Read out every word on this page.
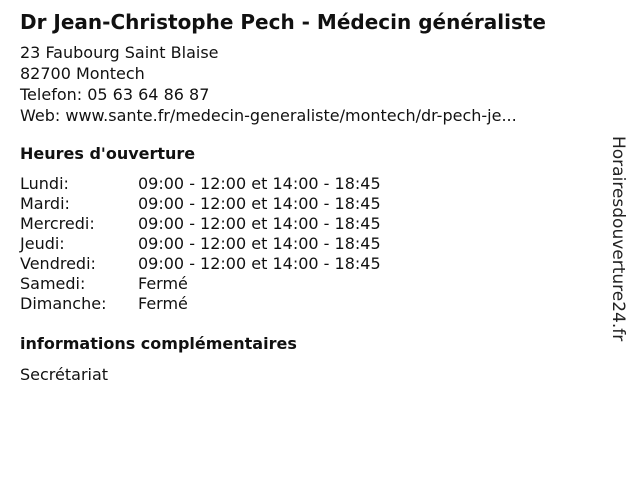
Dr Jean-Christophe Pech - Médecin généraliste
23 Faubourg Saint Blaise
82700 Montech
Telefon: 05 63 64 86 87
Web: www.sante.fr/medecin-generaliste/montech/dr-pech-je...
Heures d'ouverture
Lundi:	09:00 - 12:00 et 14:00 - 18:45
Mardi:	09:00 - 12:00 et 14:00 - 18:45
Mercredi:	09:00 - 12:00 et 14:00 - 18:45
Jeudi:	09:00 - 12:00 et 14:00 - 18:45
Vendredi:	09:00 - 12:00 et 14:00 - 18:45
Samedi:	Fermé
Dimanche:	Fermé
informations complémentaires
Secrétariat
Horairesdouverture24.fr
